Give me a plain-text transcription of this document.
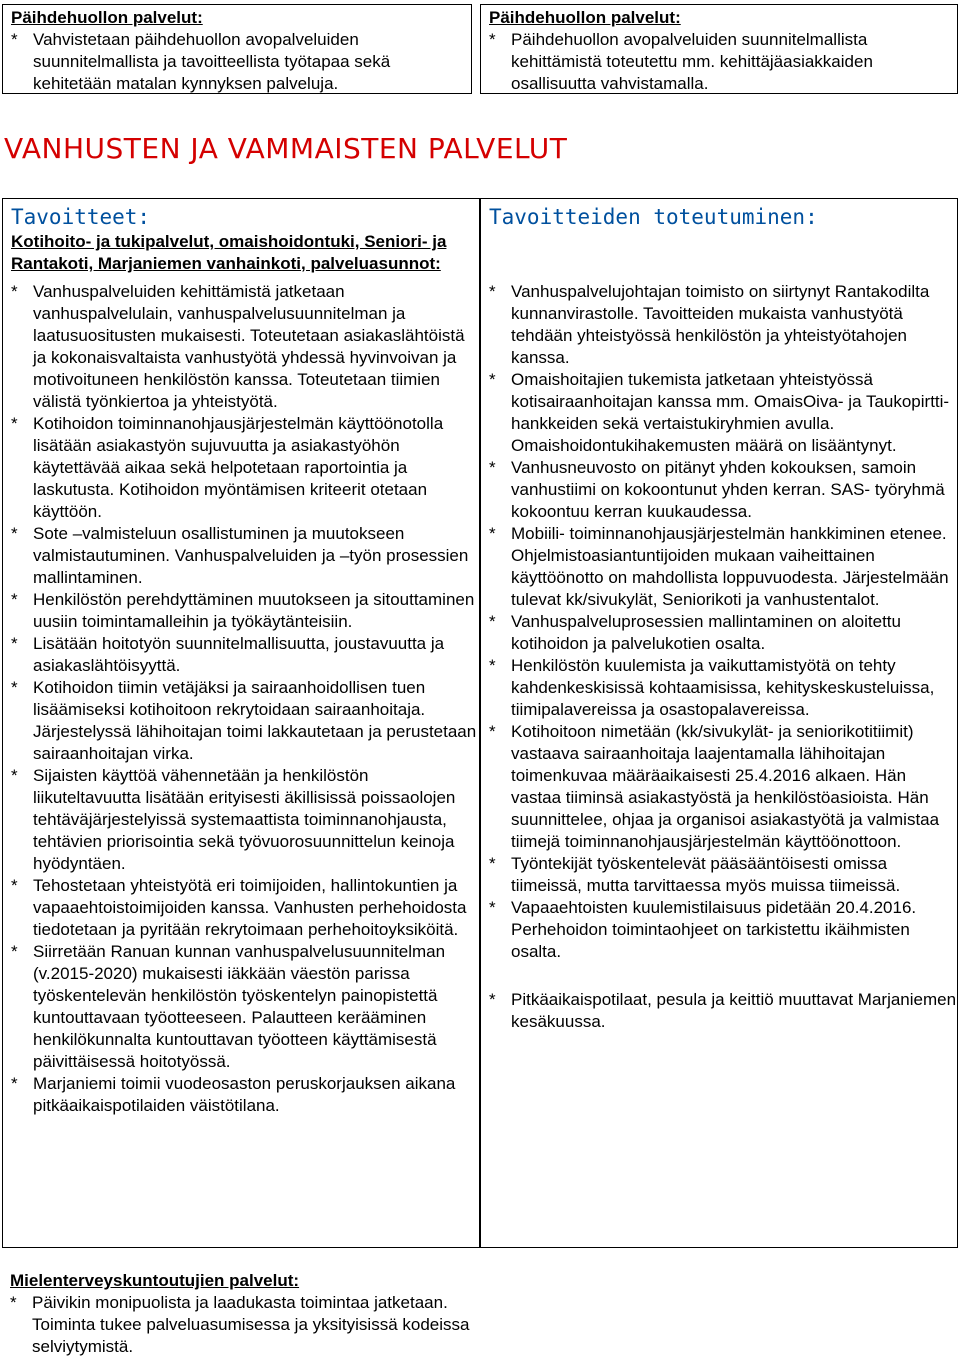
Päihdehuollon palvelut:
* Vahvistetaan päihdehuollon avopalveluiden suunnitelmallista ja tavoitteellista työtapaa sekä kehitetään matalan kynnyksen palveluja.
Päihdehuollon palvelut:
* Päihdehuollon avopalveluiden suunnitelmallista kehittämistä toteutettu mm. kehittäjäasiakkaiden osallisuutta vahvistamalla.
VANHUSTEN JA VAMMAISTEN PALVELUT
Tavoitteet:
Kotihoito- ja tukipalvelut, omaishoidontuki, Seniori- ja Rantakoti, Marjaniemen vanhainkoti, palveluasunnot:
* Vanhuspalveluiden kehittämistä jatketaan vanhuspalvelulain, vanhuspalvelusuunnitelman ja laatusuositusten mukaisesti. Toteutetaan asiakaslähtöistä ja kokonaisvaltaista vanhustyötä yhdessä hyvinvoivan ja motivoituneen henkilöstön kanssa. Toteutetaan tiimien välistä työnkiertoa ja yhteistyötä.
* Kotihoidon toiminnanohjausjärjestelmän käyttöönotolla lisätään asiakastyön sujuvuutta ja asiakastyöhön käytettävää aikaa sekä helpotetaan raportointia ja laskutusta. Kotihoidon myöntämisen kriteerit otetaan käyttöön.
* Sote –valmisteluun osallistuminen ja muutokseen valmistautuminen. Vanhuspalveluiden ja –työn prosessien mallintaminen.
* Henkilöstön perehdyttäminen muutokseen ja sitouttaminen uusiin toimintamalleihin ja työkäytänteisiin.
* Lisätään hoitotyön suunnitelmallisuutta, joustavuutta ja asiakaslähtöisyyttä.
* Kotihoidon tiimin vetäjäksi ja sairaanhoidollisen tuen lisäämiseksi kotihoitoon rekrytoidaan sairaanhoitaja. Järjestelyssä lähihoitajan toimi lakkautetaan ja perustetaan sairaanhoitajan virka.
* Sijaisten käyttöä vähennetään ja henkilöstön liikuteltavuutta lisätään erityisesti äkillisissä poissaolojen tehtäväjärjestelyissä systemaattista toiminnanohjausta, tehtävien priorisointia sekä työvuorosuunnittelun keinoja hyödyntäen.
* Tehostetaan yhteistyötä eri toimijoiden, hallintokuntien ja vapaaehtoistoimijoiden kanssa. Vanhusten perhehoidosta tiedotetaan ja pyritään rekrytoimaan perhehoitoyksiköitä.
* Siirretään Ranuan kunnan vanhuspalvelusuunnitelman (v.2015-2020) mukaisesti iäkkään väestön parissa työskentelevän henkilöstön työskentelyn painopistettä kuntouttavaan työotteeseen. Palautteen kerääminen henkilökunnalta kuntouttavan työotteen käyttämisestä päivittäisessä hoitotyössä.
* Marjaniemi toimii vuodeosaston peruskorjauksen aikana pitkäaikaispotilaiden väistötilana.
Tavoitteiden toteutuminen:
* Vanhuspalvelujohtajan toimisto on siirtynyt Rantakodilta kunnanvirastolle. Tavoitteiden mukaista vanhustyötä tehdään yhteistyössä henkilöstön ja yhteistyötahojen kanssa.
* Omaishoitajien tukemista jatketaan yhteistyössä kotisairaanhoitajan kanssa mm. OmaisOiva- ja Taukopirtti- hankkeiden sekä vertaistukiryhmien avulla. Omaishoidontukihakemusten määrä on lisääntynyt.
* Vanhusneuvosto on pitänyt yhden kokouksen, samoin vanhustiimi on kokoontunut yhden kerran. SAS- työryhmä kokoontuu kerran kuukaudessa.
* Mobiili- toiminnanohjausjärjestelmän hankkiminen etenee. Ohjelmistoasiantuntijoiden mukaan vaiheittainen käyttöönotto on mahdollista loppuvuodesta. Järjestelmään tulevat kk/sivukylät, Seniorikoti ja vanhustentalot.
* Vanhuspalveluprosessien mallintaminen on aloitettu kotihoidon ja palvelukotien osalta.
* Henkilöstön kuulemista ja vaikuttamistyötä on tehty kahdenkeskisissä kohtaamisissa, kehityskeskusteluissa, tiimipalavereissa ja osastopalavereissa.
* Kotihoitoon nimetään (kk/sivukylät- ja seniorikotitiimit) vastaava sairaanhoitaja laajentamalla lähihoitajan toimenkuvaa määräaikaisesti 25.4.2016 alkaen. Hän vastaa tiiminsä asiakastyöstä ja henkilöstöasioista. Hän suunnittelee, ohjaa ja organisoi asiakastyötä ja valmistaa tiimejä toiminnanohjausjärjestelmän käyttöönottoon.
* Työntekijät työskentelevät pääsääntöisesti omissa tiimeissä, mutta tarvittaessa myös muissa tiimeissä.
* Vapaaehtoisten kuulemistilaisuus pidetään 20.4.2016. Perhehoidon toimintaohjeet on tarkistettu ikäihmisten osalta.
* Pitkäaikaispotilaat, pesula ja keittiö muuttavat Marjaniemen kesäkuussa.
Mielenterveyskuntoutujien palvelut:
* Päivikin monipuolista ja laadukasta toimintaa jatketaan. Toiminta tukee palveluasumisessa ja yksityisissä kodeissa selviytymistä.
